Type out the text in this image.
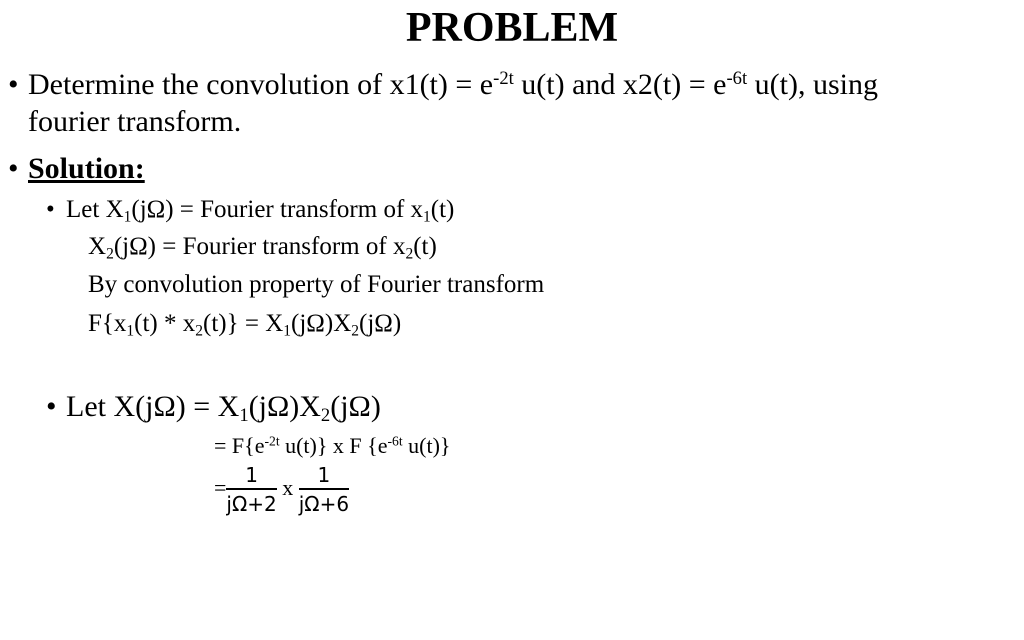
PROBLEM
• Determine the convolution of $x1(t) = e^{-2t}$ u(t) and $x2(t) = e^{-6t}$ u(t), using
fourier transform.
• Solution:
• Let $X_1(j\Omega)$ = Fourier transform of $x_1(t)$
$X_2(j\Omega)$ = Fourier transform of $x_2(t)$
By convolution property of Fourier transform
$F\{x_1(t) * x_2(t)\} = X_1(j\Omega)X_2(j\Omega)$
• Let $X(j\Omega) = X_1(j\Omega)X_2(j\Omega)$
= $F\{e^{-2t}$ u(t)} x F {$e^{-6t}$ u(t)}
= $\frac{1}{j\Omega+2}$ x $\frac{1}{j\Omega+6}$
